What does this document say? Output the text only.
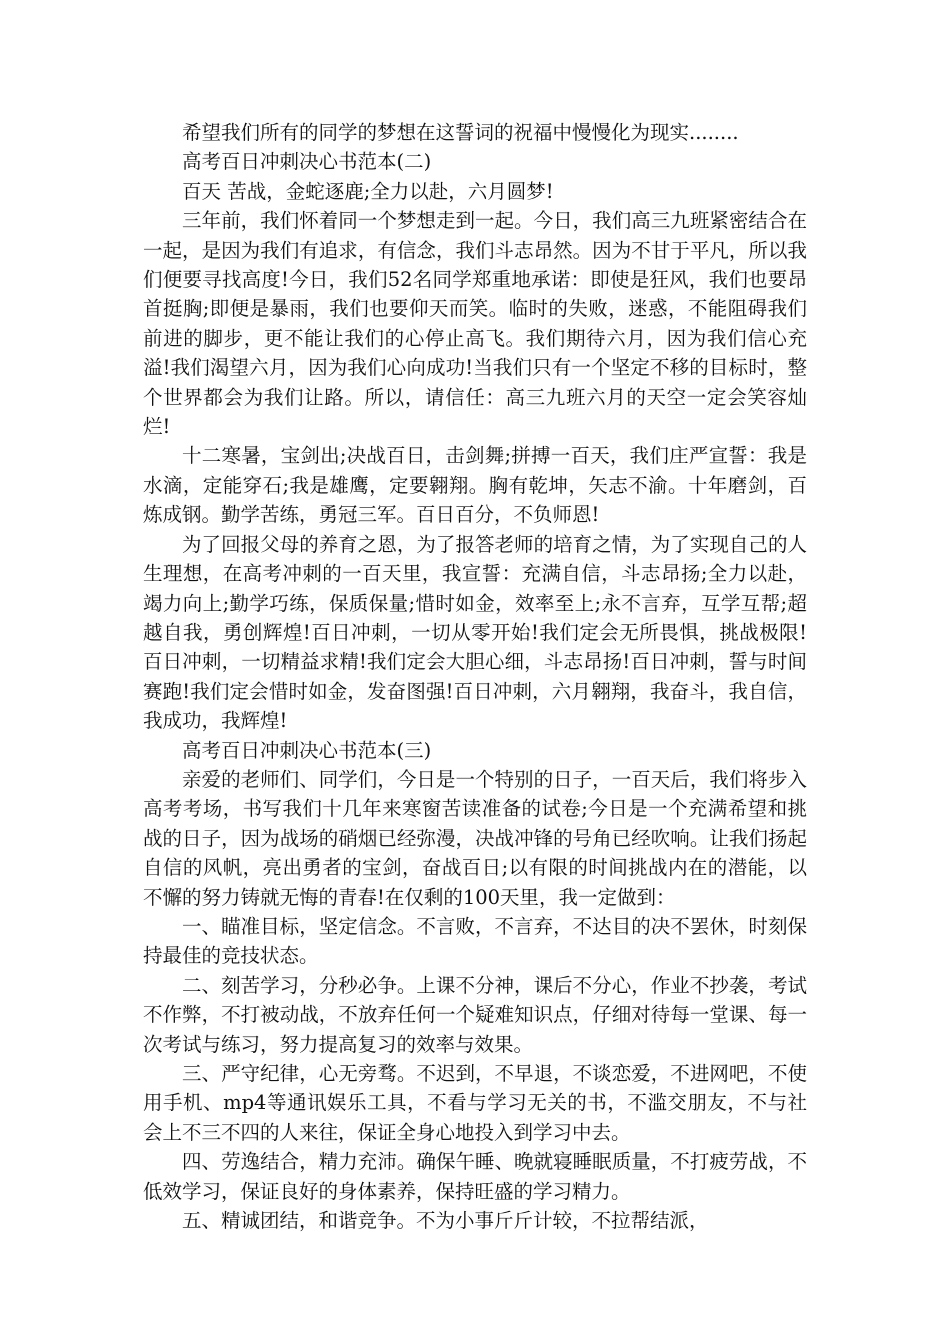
希望我们所有的同学的梦想在这誓词的祝福中慢慢化为现实........

高考百日冲刺决心书范本(二)

百天 苦战，金蛇逐鹿;全力以赴，六月圆梦!

三年前，我们怀着同一个梦想走到一起。今日，我们高三九班紧密结合在一起，是因为我们有追求，有信念，我们斗志昂然。因为不甘于平凡，所以我们便要寻找高度!今日，我们52名同学郑重地承诺：即使是狂风，我们也要昂首挺胸;即便是暴雨，我们也要仰天而笑。临时的失败，迷惑，不能阻碍我们前进的脚步，更不能让我们的心停止高飞。我们期待六月，因为我们信心充溢!我们渴望六月，因为我们心向成功!当我们只有一个坚定不移的目标时，整个世界都会为我们让路。所以，请信任：高三九班六月的天空一定会笑容灿烂!

十二寒暑，宝剑出;决战百日，击剑舞;拼搏一百天，我们庄严宣誓：我是水滴，定能穿石;我是雄鹰，定要翱翔。胸有乾坤，矢志不渝。十年磨剑，百炼成钢。勤学苦练，勇冠三军。百日百分，不负师恩!

为了回报父母的养育之恩，为了报答老师的培育之情，为了实现自己的人生理想，在高考冲刺的一百天里，我宣誓：充满自信，斗志昂扬;全力以赴，竭力向上;勤学巧练，保质保量;惜时如金，效率至上;永不言弃，互学互帮;超越自我，勇创辉煌!百日冲刺，一切从零开始!我们定会无所畏惧，挑战极限!百日冲刺，一切精益求精!我们定会大胆心细，斗志昂扬!百日冲刺，誓与时间赛跑!我们定会惜时如金，发奋图强!百日冲刺，六月翱翔，我奋斗，我自信，我成功，我辉煌!

高考百日冲刺决心书范本(三)

亲爱的老师们、同学们，今日是一个特别的日子，一百天后，我们将步入高考考场，书写我们十几年来寒窗苦读准备的试卷;今日是一个充满希望和挑战的日子，因为战场的硝烟已经弥漫，决战冲锋的号角已经吹响。让我们扬起自信的风帆，亮出勇者的宝剑，奋战百日;以有限的时间挑战内在的潜能，以不懈的努力铸就无悔的青春!在仅剩的100天里，我一定做到：

一、瞄准目标，坚定信念。不言败，不言弃，不达目的决不罢休，时刻保持最佳的竞技状态。

二、刻苦学习，分秒必争。上课不分神，课后不分心，作业不抄袭，考试不作弊，不打被动战，不放弃任何一个疑难知识点，仔细对待每一堂课、每一次考试与练习，努力提高复习的效率与效果。

三、严守纪律，心无旁骛。不迟到，不早退，不谈恋爱，不进网吧，不使用手机、mp4等通讯娱乐工具，不看与学习无关的书，不滥交朋友，不与社会上不三不四的人来往，保证全身心地投入到学习中去。

四、劳逸结合，精力充沛。确保午睡、晚就寝睡眠质量，不打疲劳战，不低效学习，保证良好的身体素养，保持旺盛的学习精力。

五、精诚团结，和谐竞争。不为小事斤斤计较，不拉帮结派，
